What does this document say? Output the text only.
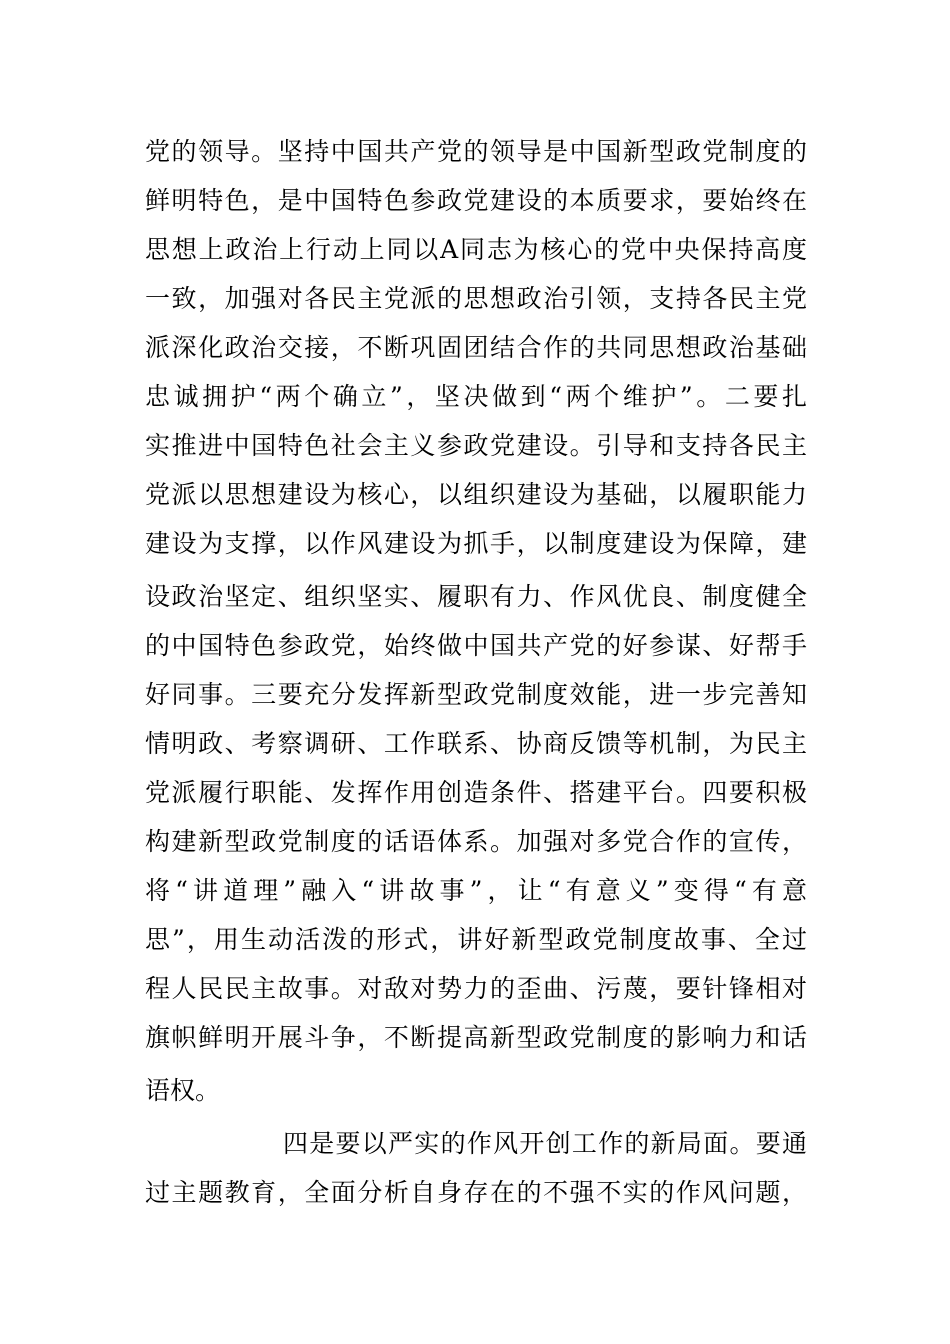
党的领导。坚持中国共产党的领导是中国新型政党制度的
鲜明特色，是中国特色参政党建设的本质要求，要始终在
思想上政治上行动上同以A同志为核心的党中央保持高度
一致，加强对各民主党派的思想政治引领，支持各民主党
派深化政治交接，不断巩固团结合作的共同思想政治基础
忠诚拥护“两个确立”，坚决做到“两个维护”。二要扎
实推进中国特色社会主义参政党建设。引导和支持各民主
党派以思想建设为核心，以组织建设为基础，以履职能力
建设为支撑，以作风建设为抓手，以制度建设为保障，建
设政治坚定、组织坚实、履职有力、作风优良、制度健全
的中国特色参政党，始终做中国共产党的好参谋、好帮手
好同事。三要充分发挥新型政党制度效能，进一步完善知
情明政、考察调研、工作联系、协商反馈等机制，为民主
党派履行职能、发挥作用创造条件、搭建平台。四要积极
构建新型政党制度的话语体系。加强对多党合作的宣传，
将“讲道理”融入“讲故事”，让“有意义”变得“有意
思”，用生动活泼的形式，讲好新型政党制度故事、全过
程人民民主故事。对敌对势力的歪曲、污蔑，要针锋相对
旗帜鲜明开展斗争，不断提高新型政党制度的影响力和话
语权。
四是要以严实的作风开创工作的新局面。要通
过主题教育，全面分析自身存在的不强不实的作风问题，
